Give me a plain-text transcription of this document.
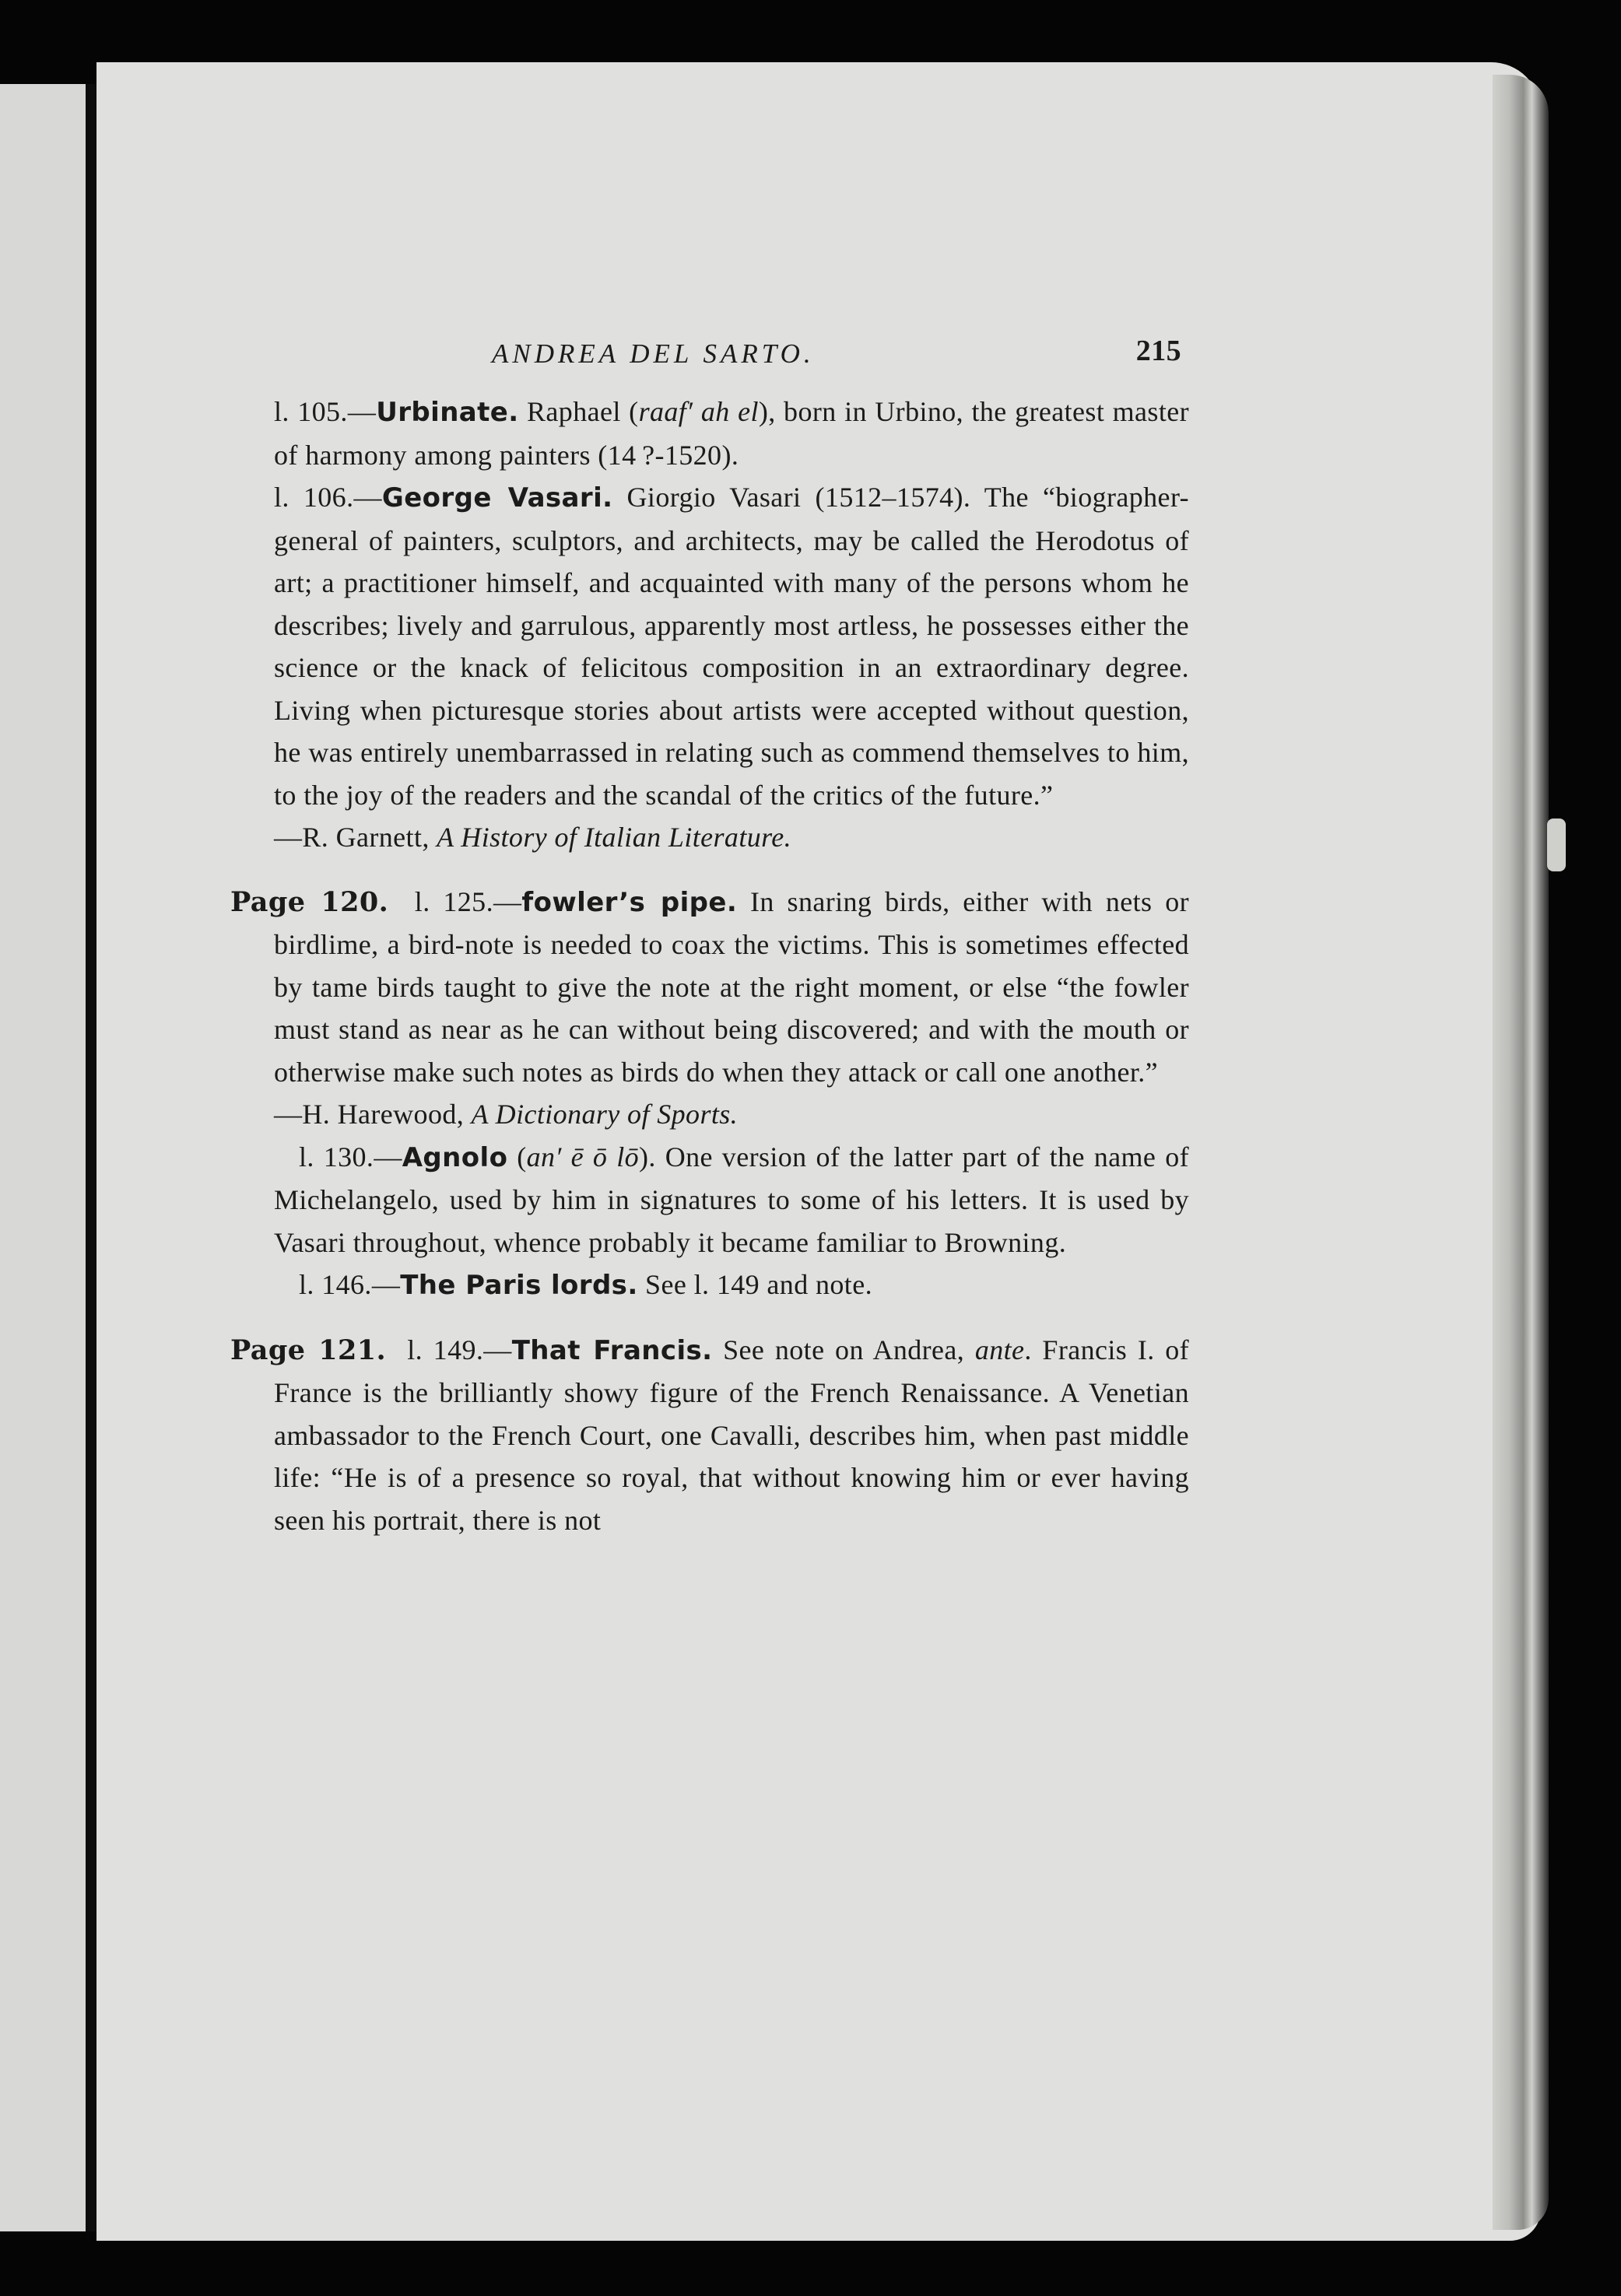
ANDREA DEL SARTO.	215

l. 105.—Urbinate. Raphael (raaf′ ah el), born in Urbino, the greatest master of harmony among painters (14 ?-1520).

l. 106.—George Vasari. Giorgio Vasari (1512–1574). The “biographer-general of painters, sculptors, and architects, may be called the Herodotus of art; a practitioner himself, and acquainted with many of the persons whom he describes; lively and garrulous, apparently most artless, he possesses either the science or the knack of felicitous composition in an extraordinary degree. Living when picturesque stories about artists were accepted without question, he was entirely unembarrassed in relating such as commend themselves to him, to the joy of the readers and the scandal of the critics of the future.”

—R. Garnett, A History of Italian Literature.

Page 120. l. 125.—fowler’s pipe. In snaring birds, either with nets or birdlime, a bird-note is needed to coax the victims. This is sometimes effected by tame birds taught to give the note at the right moment, or else “the fowler must stand as near as he can without being discovered; and with the mouth or otherwise make such notes as birds do when they attack or call one another.”

—H. Harewood, A Dictionary of Sports.

l. 130.—Agnolo (an′ ē ō lō). One version of the latter part of the name of Michelangelo, used by him in signatures to some of his letters. It is used by Vasari throughout, whence probably it became familiar to Browning.

l. 146.—The Paris lords. See l. 149 and note.

Page 121. l. 149.—That Francis. See note on Andrea, ante. Francis I. of France is the brilliantly showy figure of the French Renaissance. A Venetian ambassador to the French Court, one Cavalli, describes him, when past middle life: “He is of a presence so royal, that without knowing him or ever having seen his portrait, there is not
